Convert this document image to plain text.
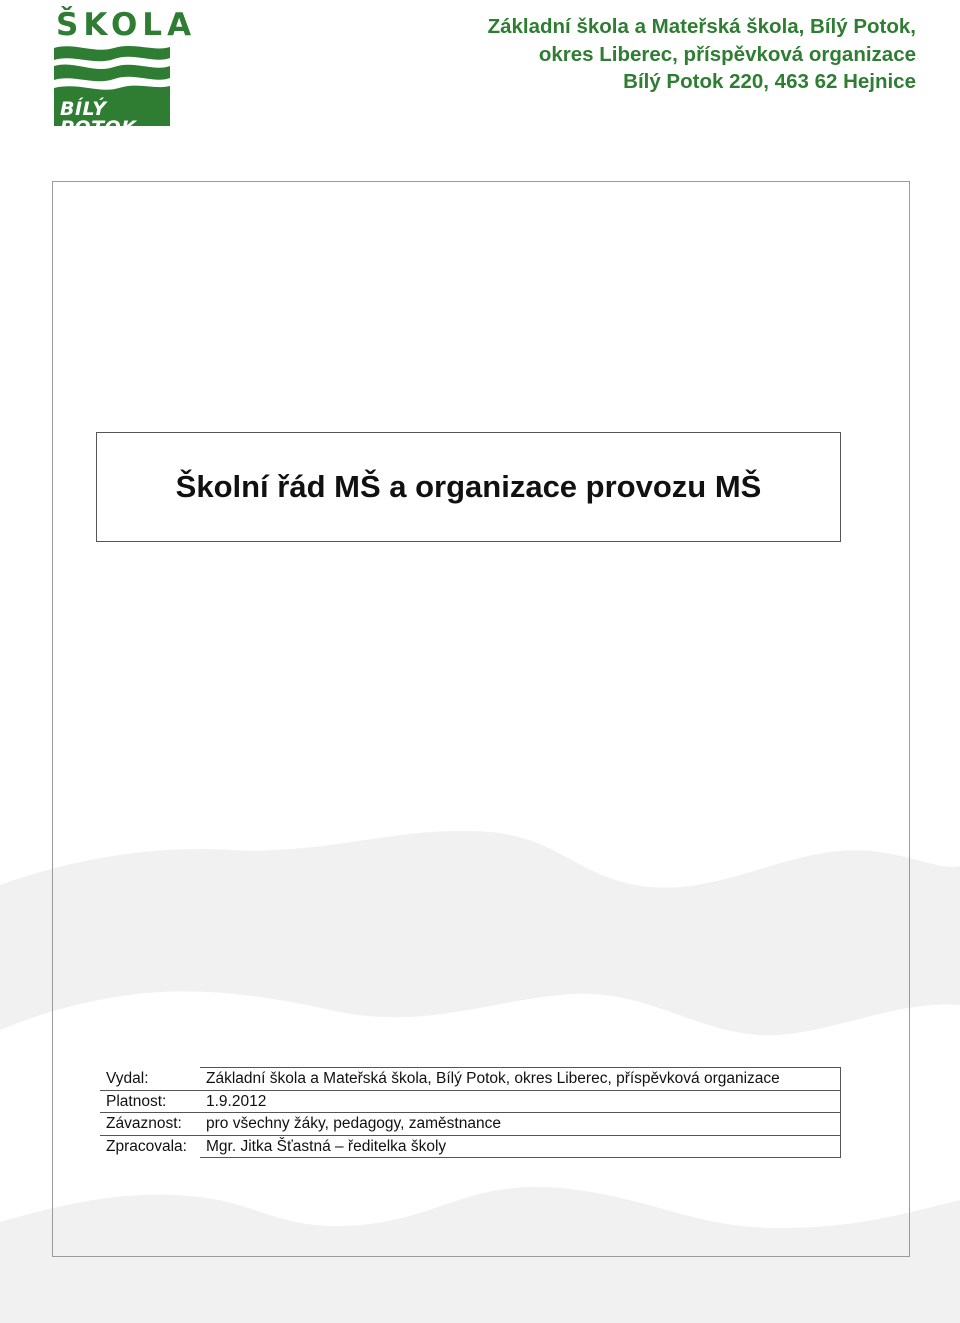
ŠKOLA
BÍLÝ POTOK
Základní škola a Mateřská škola, Bílý Potok,
okres Liberec, příspěvková organizace
Bílý Potok 220, 463 62 Hejnice
Školní řád MŠ a organizace provozu MŠ
Vydal:	Základní škola a Mateřská škola, Bílý Potok, okres Liberec, příspěvková organizace
Platnost:	1.9.2012
Závaznost:	pro všechny žáky, pedagogy, zaměstnance
Zpracovala:	Mgr. Jitka Šťastná – ředitelka školy
